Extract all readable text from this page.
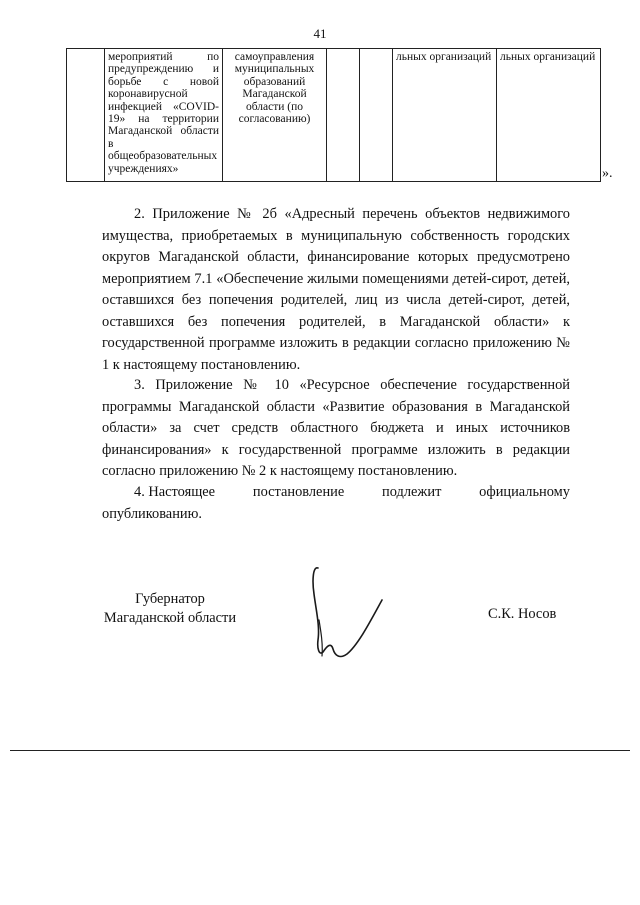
41
	мероприятий по предупреждению и борьбе с новой коронавирусной инфекцией «COVID-19» на территории Магаданской области в общеобразовательных учреждениях»	самоуправления муниципальных образований Магаданской области (по согласованию)			льных организаций	льных организаций
».

2. Приложение № 2б «Адресный перечень объектов недвижимого имущества, приобретаемых в муниципальную собственность городских округов Магаданской области, финансирование которых предусмотрено мероприятием 7.1 «Обеспечение жилыми помещениями детей-сирот, детей, оставшихся без попечения родителей, лиц из числа детей-сирот, детей, оставшихся без попечения родителей, в Магаданской области» к государственной программе изложить в редакции согласно приложению № 1 к настоящему постановлению.

3. Приложение № 10 «Ресурсное обеспечение государственной программы Магаданской области «Развитие образования в Магаданской области» за счет средств областного бюджета и иных источников финансирования» к государственной программе изложить в редакции согласно приложению № 2 к настоящему постановлению.

4. Настоящее	постановление	подлежит	официальному
опубликованию.
Губернатор
Магаданской области	С.К. Носов
